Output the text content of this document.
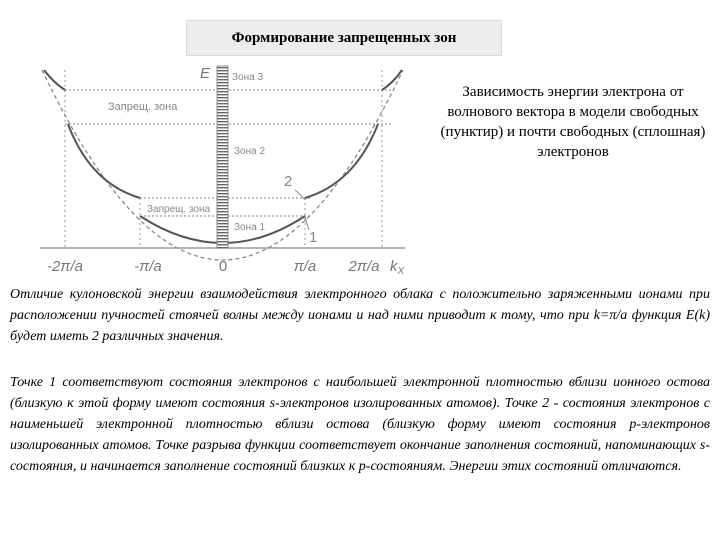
Формирование запрещенных зон
E Зона 3
Запрещ. зона
Зона 2
Запрещ. зона
Зона 1
2
1
-2π/a	-π/a	0	π/a 2π/a $k_X$
Зависимость энергии электрона от волнового вектора в модели свободных (пунктир) и почти свободных (сплошная) электронов

Отличие кулоновской энергии взаимодействия электронного облака с положительно заряженными ионами при расположении пучностей стоячей волны между ионами и над ними приводит к тому, что при k=π/a функция E(k) будет иметь 2 различных значения.

Точке 1 соответствуют состояния электронов с наибольшей электронной плотностью вблизи ионного остова (близкую к этой форму имеют состояния s-электронов изолированных атомов). Точке 2 - состояния электронов с наименьшей электронной плотностью вблизи остова (близкую форму имеют состояния p-электронов изолированных атомов. Точке разрыва функции соответствует окончание заполнения состояний, напоминающих s-состояния, и начинается заполнение состояний близких к p-состояниям. Энергии этих состояний отличаются.
